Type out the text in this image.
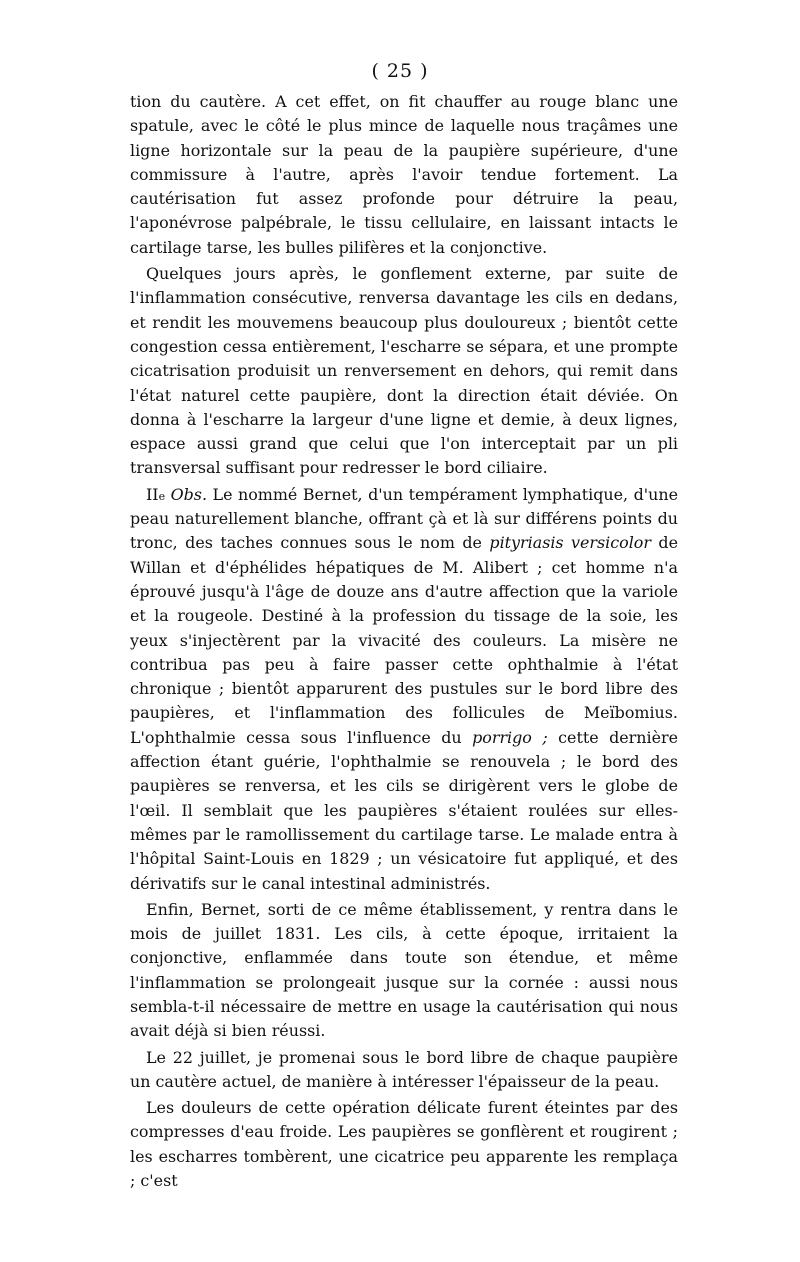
( 25 )

tion du cautère. A cet effet, on fit chauffer au rouge blanc une spatule, avec le côté le plus mince de laquelle nous traçâmes une ligne horizontale sur la peau de la paupière supérieure, d'une commissure à l'autre, après l'avoir tendue fortement. La cautérisation fut assez profonde pour détruire la peau, l'aponévrose palpébrale, le tissu cellulaire, en laissant intacts le cartilage tarse, les bulles pilifères et la conjonctive.

Quelques jours après, le gonflement externe, par suite de l'inflammation consécutive, renversa davantage les cils en dedans, et rendit les mouvemens beaucoup plus douloureux ; bientôt cette congestion cessa entièrement, l'escharre se sépara, et une prompte cicatrisation produisit un renversement en dehors, qui remit dans l'état naturel cette paupière, dont la direction était déviée. On donna à l'escharre la largeur d'une ligne et demie, à deux lignes, espace aussi grand que celui que l'on interceptait par un pli transversal suffisant pour redresser le bord ciliaire.

IIe Obs. Le nommé Bernet, d'un tempérament lymphatique, d'une peau naturellement blanche, offrant çà et là sur différens points du tronc, des taches connues sous le nom de pityriasis versicolor de Willan et d'éphélides hépatiques de M. Alibert ; cet homme n'a éprouvé jusqu'à l'âge de douze ans d'autre affection que la variole et la rougeole. Destiné à la profession du tissage de la soie, les yeux s'injectèrent par la vivacité des couleurs. La misère ne contribua pas peu à faire passer cette ophthalmie à l'état chronique ; bientôt apparurent des pustules sur le bord libre des paupières, et l'inflammation des follicules de Meïbomius. L'ophthalmie cessa sous l'influence du porrigo ; cette dernière affection étant guérie, l'ophthalmie se renouvela ; le bord des paupières se renversa, et les cils se dirigèrent vers le globe de l'œil. Il semblait que les paupières s'étaient roulées sur elles-mêmes par le ramollissement du cartilage tarse. Le malade entra à l'hôpital Saint-Louis en 1829 ; un vésicatoire fut appliqué, et des dérivatifs sur le canal intestinal administrés.

Enfin, Bernet, sorti de ce même établissement, y rentra dans le mois de juillet 1831. Les cils, à cette époque, irritaient la conjonctive, enflammée dans toute son étendue, et même l'inflammation se prolongeait jusque sur la cornée : aussi nous sembla-t-il nécessaire de mettre en usage la cautérisation qui nous avait déjà si bien réussi.

Le 22 juillet, je promenai sous le bord libre de chaque paupière un cautère actuel, de manière à intéresser l'épaisseur de la peau.

Les douleurs de cette opération délicate furent éteintes par des compresses d'eau froide. Les paupières se gonflèrent et rougirent ; les escharres tombèrent, une cicatrice peu apparente les remplaça ; c'est
